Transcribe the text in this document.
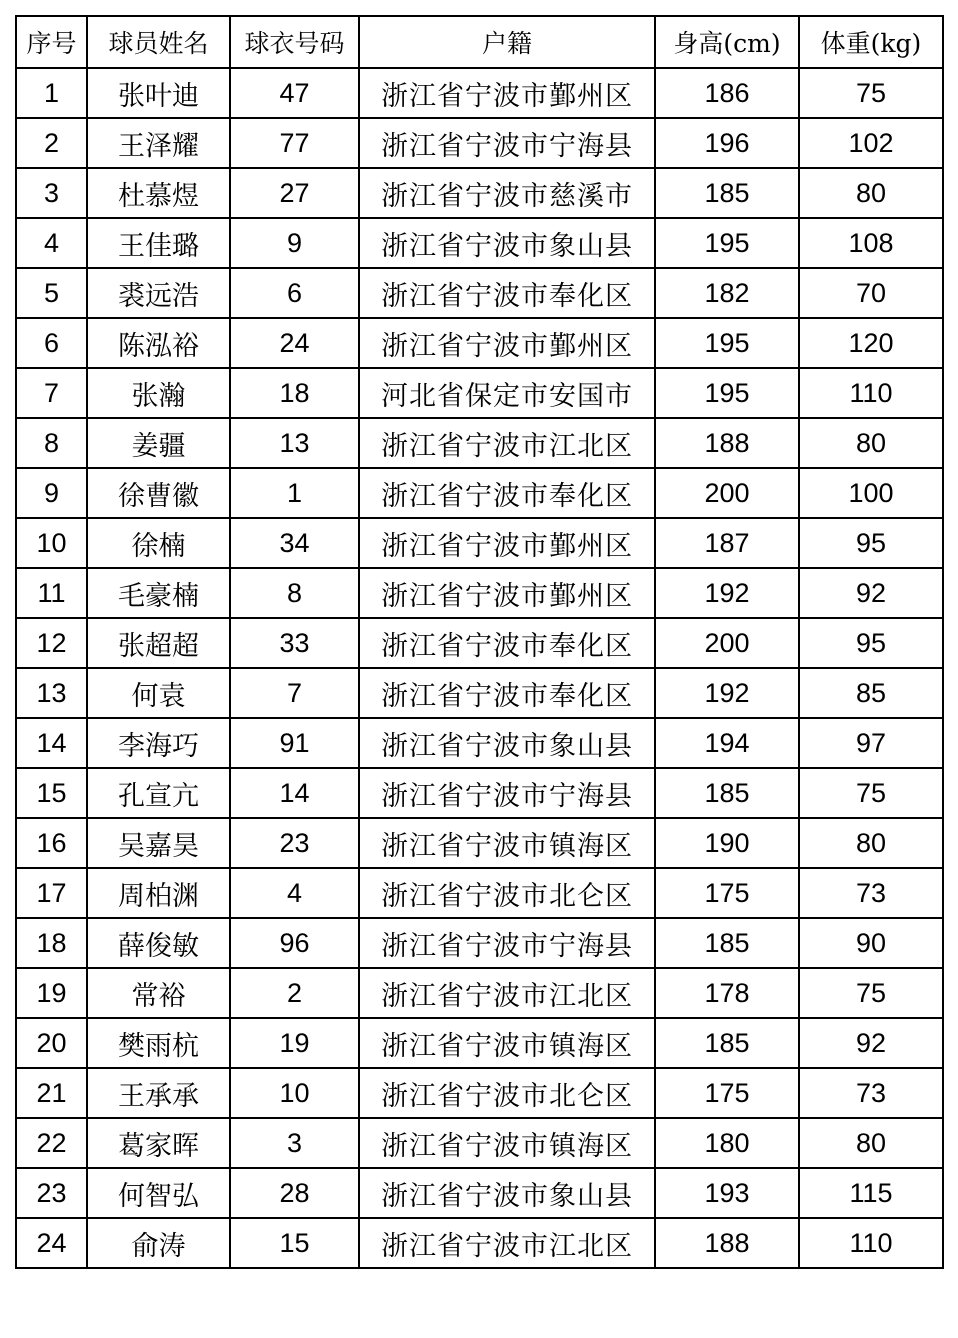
序号	球员姓名	球衣号码	户籍	身高(cm)	体重(kg)
1	张叶迪	47	浙江省宁波市鄞州区	186	75
2	王泽耀	77	浙江省宁波市宁海县	196	102
3	杜慕煜	27	浙江省宁波市慈溪市	185	80
4	王佳璐	9	浙江省宁波市象山县	195	108
5	裘远浩	6	浙江省宁波市奉化区	182	70
6	陈泓裕	24	浙江省宁波市鄞州区	195	120
7	张瀚	18	河北省保定市安国市	195	110
8	姜疆	13	浙江省宁波市江北区	188	80
9	徐曹徽	1	浙江省宁波市奉化区	200	100
10	徐楠	34	浙江省宁波市鄞州区	187	95
11	毛豪楠	8	浙江省宁波市鄞州区	192	92
12	张超超	33	浙江省宁波市奉化区	200	95
13	何袁	7	浙江省宁波市奉化区	192	85
14	李海巧	91	浙江省宁波市象山县	194	97
15	孔宣亢	14	浙江省宁波市宁海县	185	75
16	吴嘉昊	23	浙江省宁波市镇海区	190	80
17	周柏渊	4	浙江省宁波市北仑区	175	73
18	薛俊敏	96	浙江省宁波市宁海县	185	90
19	常裕	2	浙江省宁波市江北区	178	75
20	樊雨杭	19	浙江省宁波市镇海区	185	92
21	王承承	10	浙江省宁波市北仑区	175	73
22	葛家晖	3	浙江省宁波市镇海区	180	80
23	何智弘	28	浙江省宁波市象山县	193	115
24	俞涛	15	浙江省宁波市江北区	188	110
